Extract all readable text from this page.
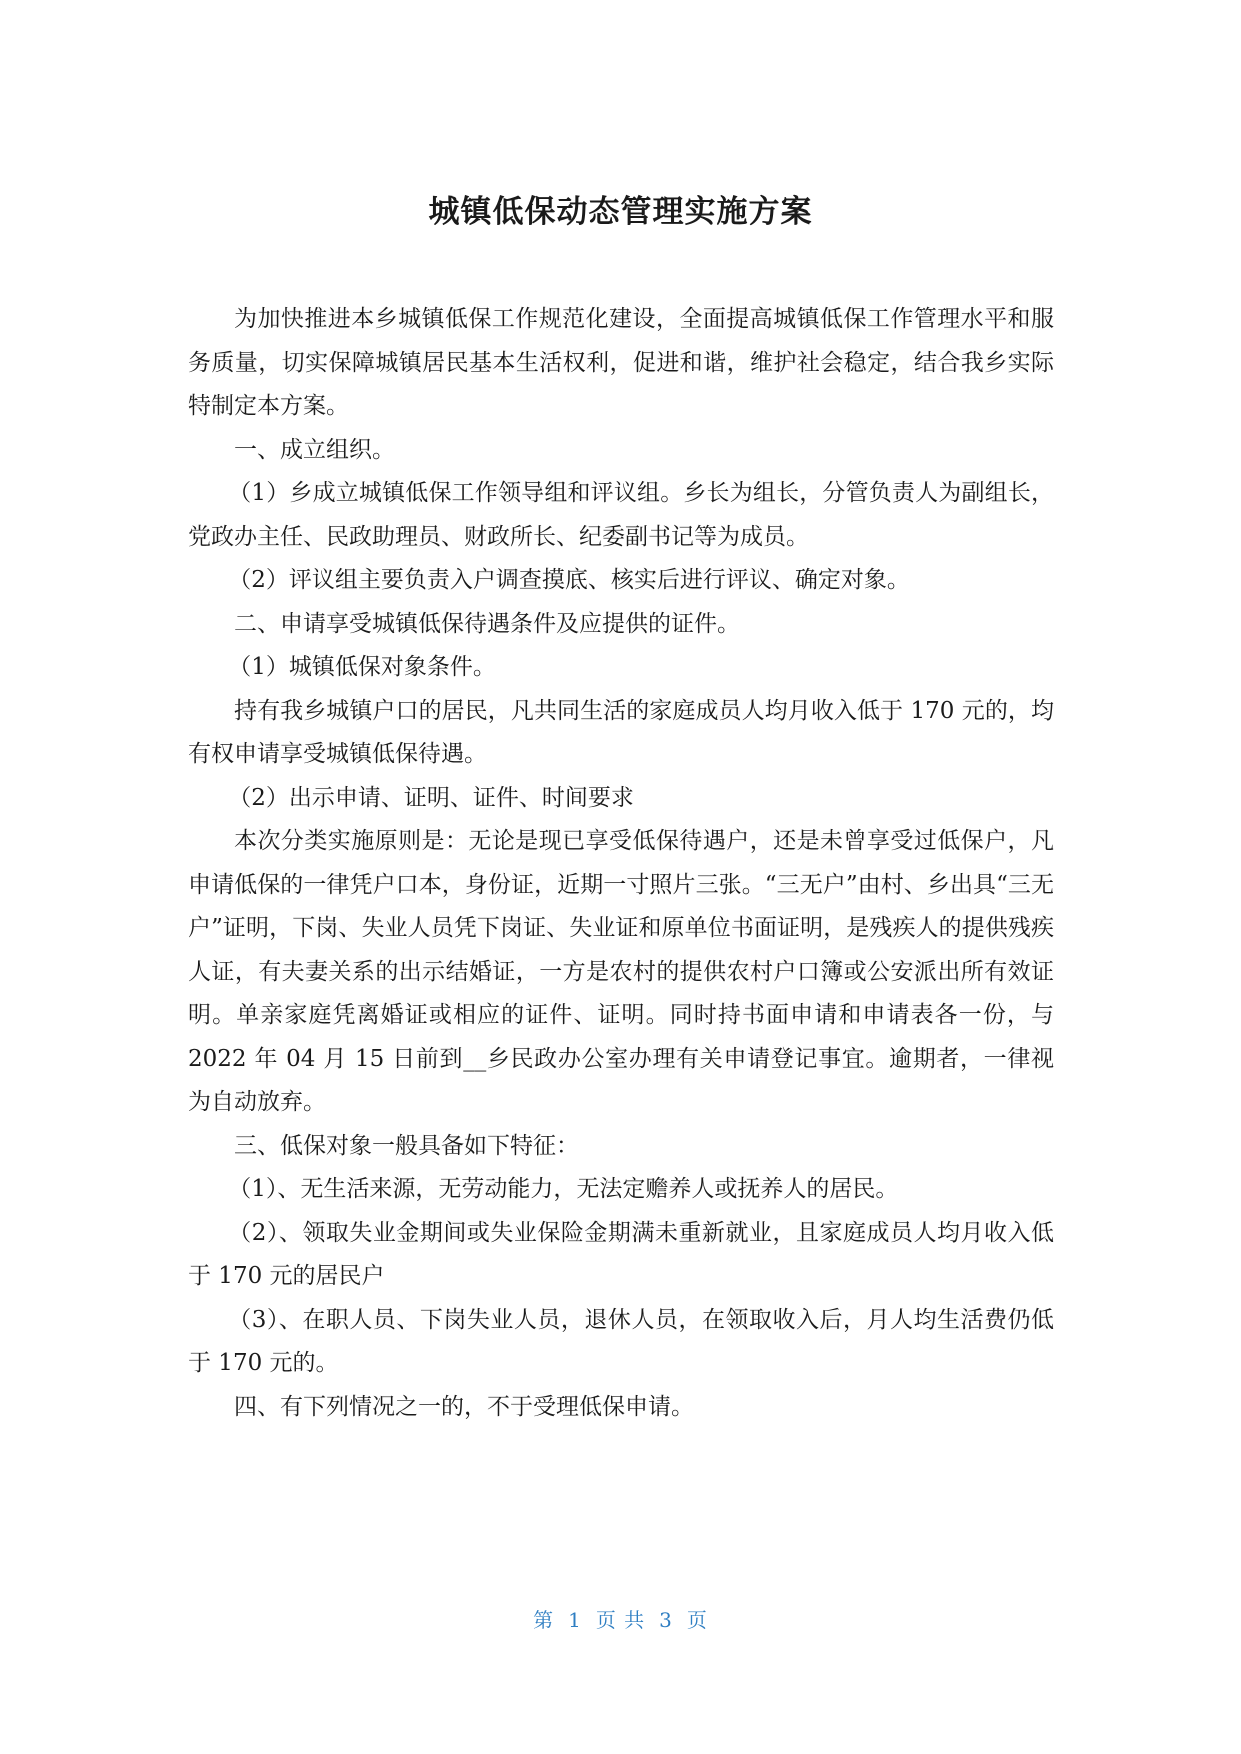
城镇低保动态管理实施方案

为加快推进本乡城镇低保工作规范化建设，全面提高城镇低保工作管理水平和服务质量，切实保障城镇居民基本生活权利，促进和谐，维护社会稳定，结合我乡实际特制定本方案。

一、成立组织。

（1）乡成立城镇低保工作领导组和评议组。乡长为组长，分管负责人为副组长，党政办主任、民政助理员、财政所长、纪委副书记等为成员。

（2）评议组主要负责入户调查摸底、核实后进行评议、确定对象。

二、申请享受城镇低保待遇条件及应提供的证件。

（1）城镇低保对象条件。

持有我乡城镇户口的居民，凡共同生活的家庭成员人均月收入低于 170 元的，均有权申请享受城镇低保待遇。

（2）出示申请、证明、证件、时间要求

本次分类实施原则是：无论是现已享受低保待遇户，还是未曾享受过低保户，凡申请低保的一律凭户口本，身份证，近期一寸照片三张。“三无户”由村、乡出具“三无户”证明，下岗、失业人员凭下岗证、失业证和原单位书面证明，是残疾人的提供残疾人证，有夫妻关系的出示结婚证，一方是农村的提供农村户口簿或公安派出所有效证明。单亲家庭凭离婚证或相应的证件、证明。同时持书面申请和申请表各一份，与 2022 年 04 月 15 日前到__乡民政办公室办理有关申请登记事宜。逾期者，一律视为自动放弃。

三、低保对象一般具备如下特征：

（1）、无生活来源，无劳动能力，无法定赡养人或抚养人的居民。

（2）、领取失业金期间或失业保险金期满未重新就业，且家庭成员人均月收入低于 170 元的居民户

（3）、在职人员、下岗失业人员，退休人员，在领取收入后，月人均生活费仍低于 170 元的。

四、有下列情况之一的，不于受理低保申请。

第 1 页 共 3 页
